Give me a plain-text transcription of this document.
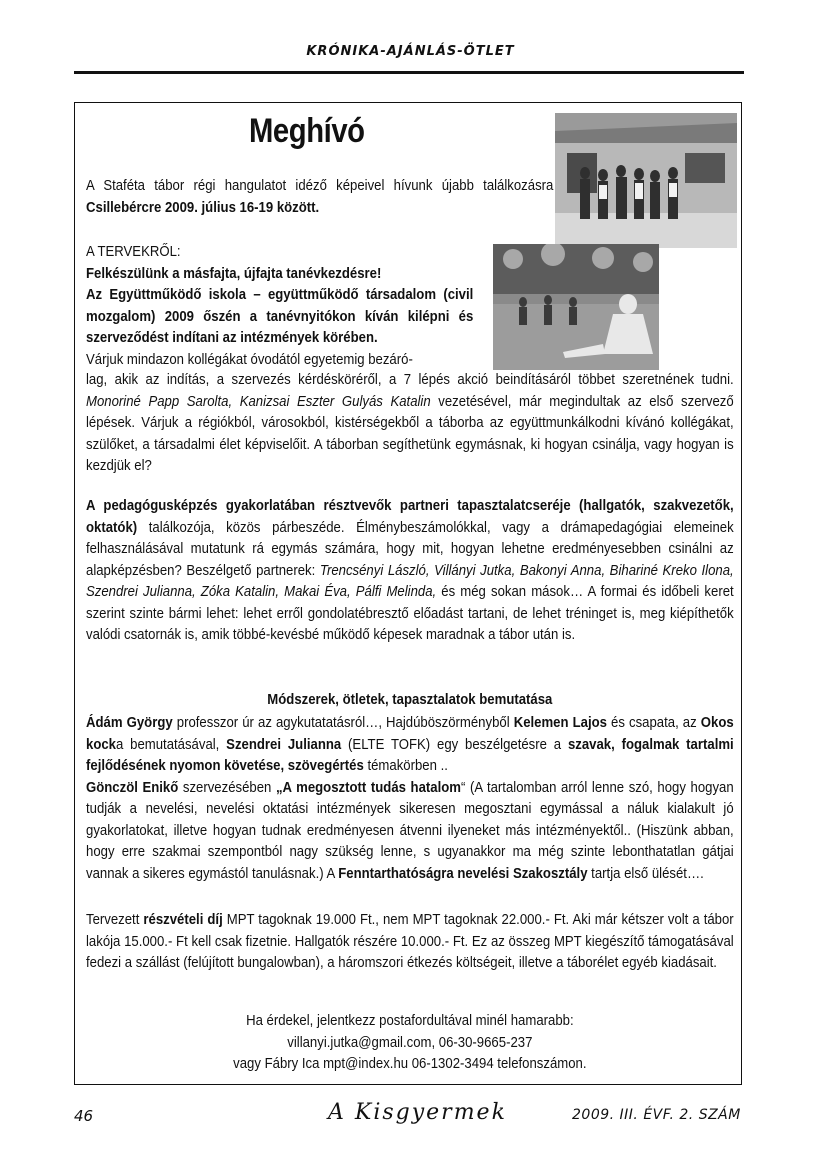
KRÓNIKA-AJÁNLÁS-ÖTLET
Meghívó
A Staféta tábor régi hangulatot idéző képeivel hívunk újabb találkozásra Csillebércre 2009. július 16-19 között.
A TERVEKRŐL:
Felkészülünk a másfajta, újfajta tanévkezdésre!
Az Együttműködő iskola – együttműködő társadalom (civil mozgalom) 2009 őszén a tanévnyitókon kíván kilépni és szerveződést indítani az intézmények körében.
Várjuk mindazon kollégákat óvodától egyetemig bezáró-
lag, akik az indítás, a szervezés kérdésköréről, a 7 lépés akció beindításáról többet szeretnének tudni. Monoriné Papp Sarolta, Kanizsai Eszter Gulyás Katalin vezetésével, már megindultak az első szervező lépések. Várjuk a régiókból, városokból, kistérségekből a táborba az együttmunkálkodni kívánó kollégákat, szülőket, a társadalmi élet képviselőit. A táborban segíthetünk egymásnak, ki hogyan csinálja, vagy hogyan is kezdjük el?
A pedagógusképzés gyakorlatában résztvevők partneri tapasztalatcseréje (hallgatók, szakvezetők, oktatók) találkozója, közös párbeszéde. Élménybeszámolókkal, vagy a drámapedagógiai elemeinek felhasználásával mutatunk rá egymás számára, hogy mit, hogyan lehetne eredményesebben csinálni az alapképzésben? Beszélgető partnerek: Trencsényi László, Villányi Jutka, Bakonyi Anna, Bihariné Kreko Ilona, Szendrei Julianna, Zóka Katalin, Makai Éva, Pálfi Melinda, és még sokan mások… A formai és időbeli keret szerint szinte bármi lehet: lehet erről gondolatébresztő előadást tartani, de lehet tréninget is, meg kiépíthetők valódi csatornák is, amik többé-kevésbé működő képesek maradnak a tábor után is.
Módszerek, ötletek, tapasztalatok bemutatása
Ádám György professzor úr az agykutatatásról…, Hajdúböszörményből Kelemen Lajos és csapata, az Okos kocka bemutatásával, Szendrei Julianna (ELTE TOFK) egy beszélgetésre a szavak, fogalmak tartalmi fejlődésének nyomon követése, szövegértés témakörben ..
Gönczöl Enikő szervezésében „A megosztott tudás hatalom“ (A tartalomban arról lenne szó, hogy hogyan tudják a nevelési, nevelési oktatási intézmények sikeresen megosztani egymással a náluk kialakult jó gyakorlatokat, illetve hogyan tudnak eredményesen átvenni ilyeneket más intézményektől.. (Hiszünk abban, hogy erre szakmai szempontból nagy szükség lenne, s ugyanakkor ma még szinte lebonthatatlan gátjai vannak a sikeres egymástól tanulásnak.) A Fenntarthatóságra nevelési Szakosztály tartja első ülését….
Tervezett részvételi díj MPT tagoknak 19.000 Ft., nem MPT tagoknak 22.000.- Ft. Aki már kétszer volt a tábor lakója 15.000.- Ft kell csak fizetnie. Hallgatók részére 10.000.- Ft. Ez az összeg MPT kiegészítő támogatásával fedezi a szállást (felújított bungalowban), a háromszori étkezés költségeit, illetve a táborélet egyéb kiadásait.
Ha érdekel, jelentkezz postafordultával minél hamarabb:
villanyi.jutka@gmail.com, 06-30-9665-237
vagy Fábry Ica mpt@index.hu 06-1302-3494 telefonszámon.
46	A Kisgyermek	2009. III. ÉVF. 2. SZÁM
